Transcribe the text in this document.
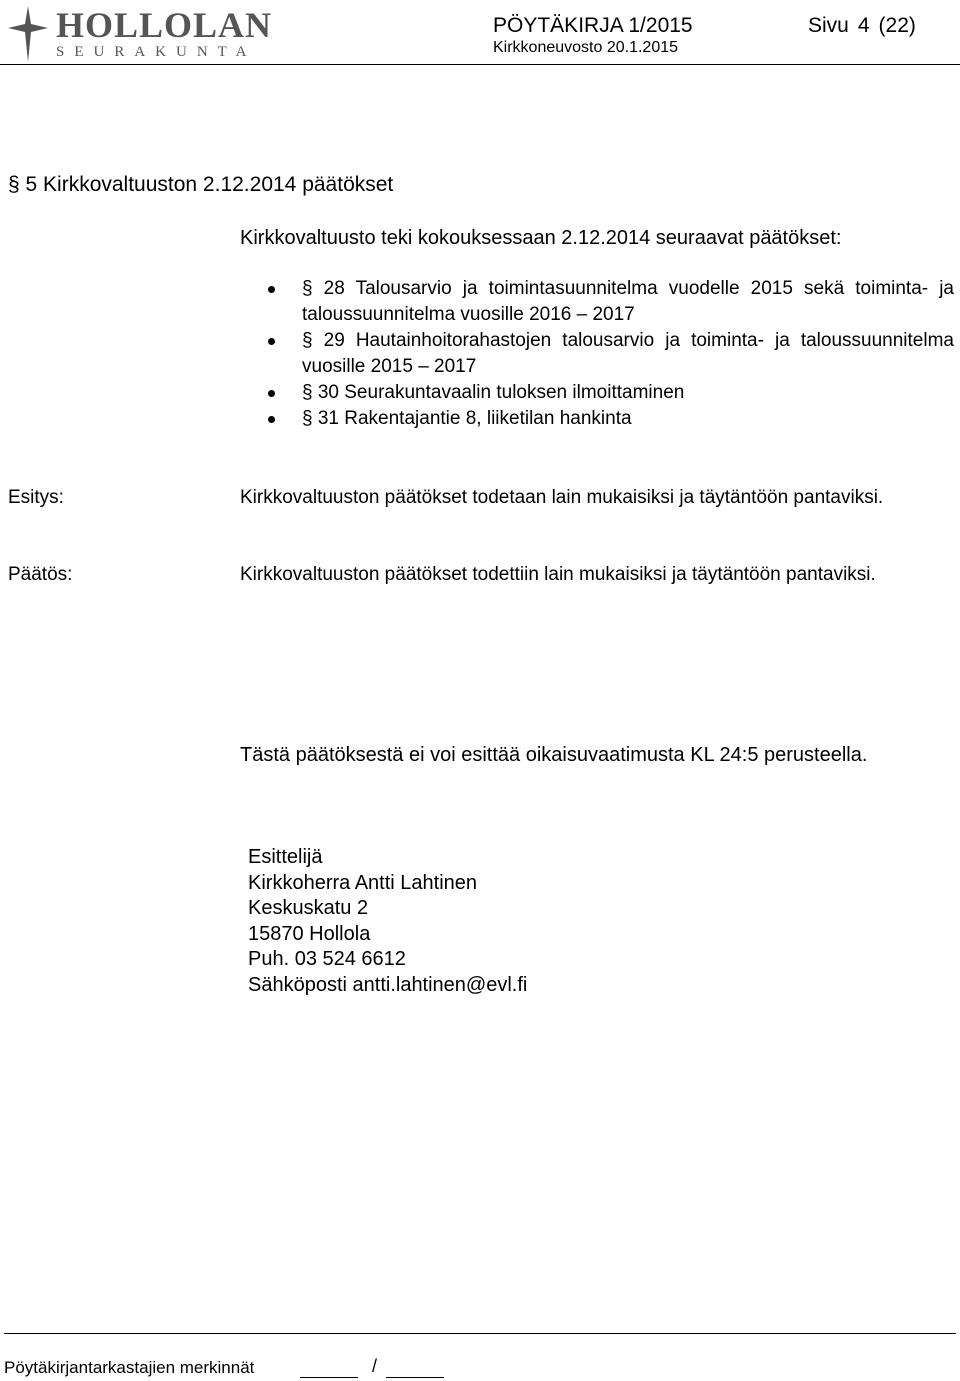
HOLLOLAN
SEURAKUNTA
PÖYTÄKIRJA 1/2015	Sivu 4 (22)
Kirkkoneuvosto 20.1.2015
§ 5 Kirkkovaltuuston 2.12.2014 päätökset
Kirkkovaltuusto teki kokouksessaan 2.12.2014 seuraavat päätökset:
§ 28 Talousarvio ja toimintasuunnitelma vuodelle 2015 sekä toiminta- ja taloussuunnitelma vuosille 2016 – 2017
§ 29 Hautainhoitorahastojen talousarvio ja toiminta- ja taloussuunnitelma vuosille 2015 – 2017
§ 30 Seurakuntavaalin tuloksen ilmoittaminen
§ 31 Rakentajantie 8, liiketilan hankinta
Esitys:	Kirkkovaltuuston päätökset todetaan lain mukaisiksi ja täytäntöön pantaviksi.
Päätös:	Kirkkovaltuuston päätökset todettiin lain mukaisiksi ja täytäntöön pantaviksi.
Tästä päätöksestä ei voi esittää oikaisuvaatimusta KL 24:5 perusteella.
Esittelijä
Kirkkoherra Antti Lahtinen
Keskuskatu 2
15870 Hollola
Puh. 03 524 6612
Sähköposti antti.lahtinen@evl.fi
Pöytäkirjantarkastajien merkinnät	/
